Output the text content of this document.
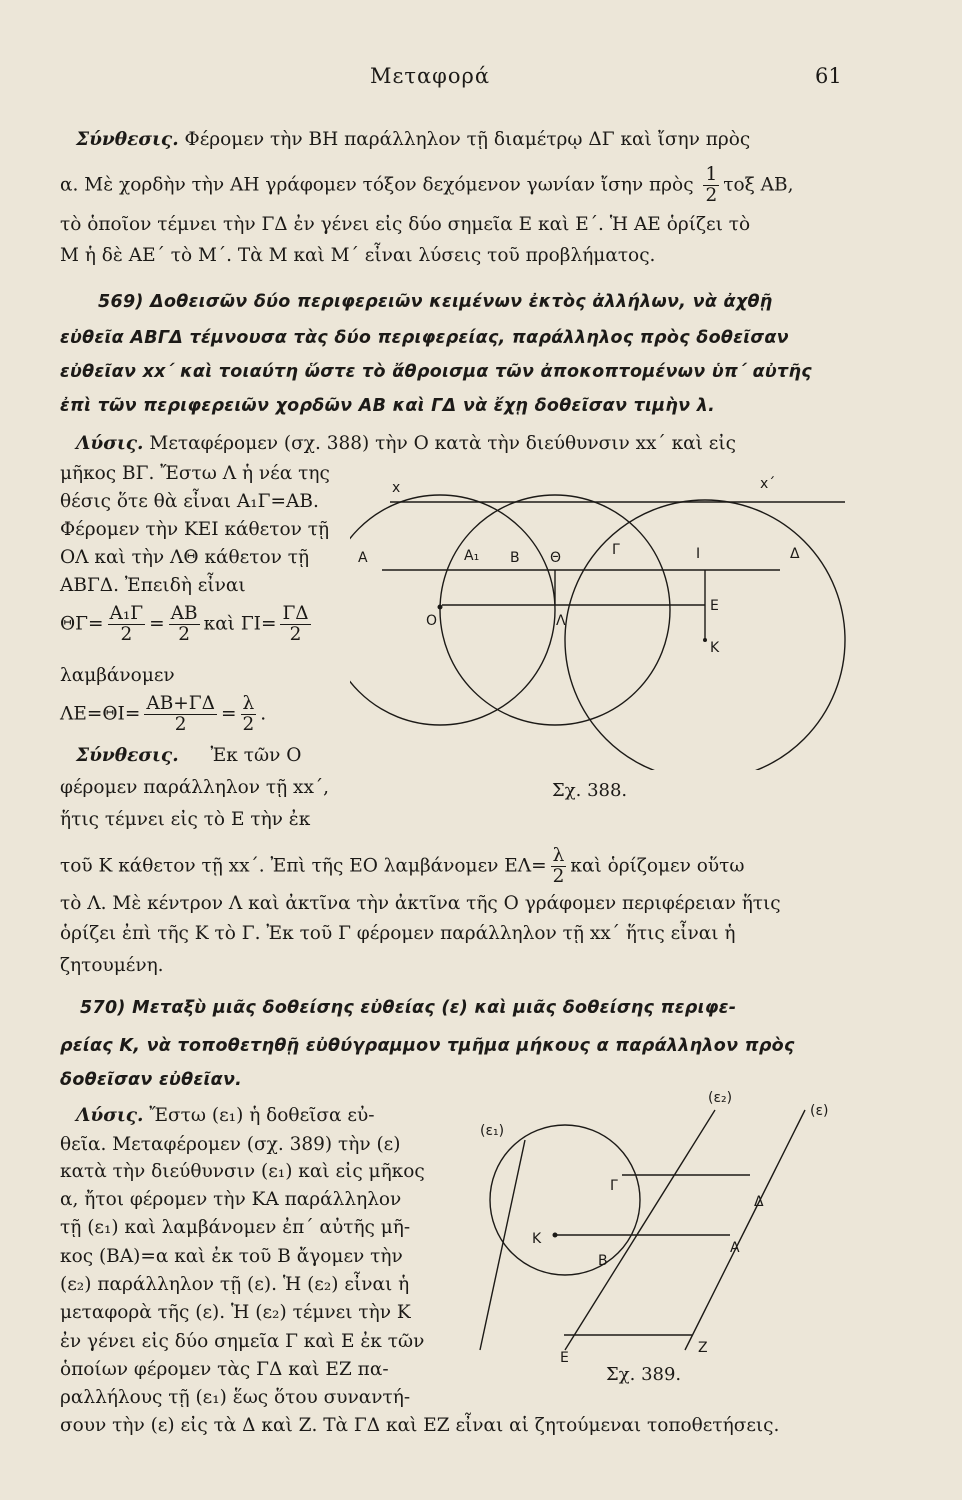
Μεταφορά	61
Σύνθεσις. Φέρομεν τὴν ΒΗ παράλληλον τῇ διαμέτρῳ ΔΓ καὶ ἴσην πρὸς
α. Μὲ χορδὴν τὴν ΑΗ γράφομεν τόξον δεχόμενον γωνίαν ἴσην πρὸς $\frac{1}{2}$ τοξ ΑΒ,
τὸ ὁποῖον τέμνει τὴν ΓΔ ἐν γένει εἰς δύο σημεῖα Ε καὶ Ε΄. Ἡ ΑΕ ὁρίζει τὸ
Μ ἡ δὲ ΑΕ΄ τὸ Μ΄. Τὰ Μ καὶ Μ΄ εἶναι λύσεις τοῦ προβλήματος.
569) Δοθεισῶν δύο περιφερειῶν κειμένων ἐκτὸς ἀλλήλων, νὰ ἀχθῇ
εὐθεῖα ΑΒΓΔ τέμνουσα τὰς δύο περιφερείας, παράλληλος πρὸς δοθεῖσαν
εὐθεῖαν xx΄ καὶ τοιαύτη ὥστε τὸ ἄθροισμα τῶν ἀποκοπτομένων ὑπ΄ αὐτῆς
ἐπὶ τῶν περιφερειῶν χορδῶν ΑΒ καὶ ΓΔ νὰ ἔχῃ δοθεῖσαν τιμὴν λ.
Λύσις. Μεταφέρομεν (σχ. 388) τὴν Ο κατὰ τὴν διεύθυνσιν xx΄ καὶ εἰς
μῆκος ΒΓ. Ἔστω Λ ἡ νέα της
θέσις ὅτε θὰ εἶναι Α₁Γ=ΑΒ.
Φέρομεν τὴν ΚΕΙ κάθετον τῇ
ΟΛ καὶ τὴν ΛΘ κάθετον τῇ
ΑΒΓΔ. Ἐπειδὴ εἶναι
$\Theta\Gamma= \frac{\text{Α₁Γ}}{2} = \frac{AB}{2}$ καὶ $\Gamma I= \frac{\Gamma\Delta}{2}$
λαμβάνομεν
$\Lambda E=\Theta I= \frac{AB+\Gamma\Delta}{2} = \frac{\lambda}{2}$ .
Σύνθεσις. Ἐκ τῶν Ο
φέρομεν παράλληλον τῇ xx΄,
ἥτις τέμνει εἰς τὸ Ε τὴν ἐκ
τοῦ Κ κάθετον τῇ xx΄. Ἐπὶ τῆς ΕΟ λαμβάνομεν $E\Lambda= \frac{\lambda}{2}$ καὶ ὁρίζομεν οὕτω
τὸ Λ. Μὲ κέντρον Λ καὶ ἀκτῖνα τὴν ἀκτῖνα τῆς Ο γράφομεν περιφέρειαν ἥτις
ὁρίζει ἐπὶ τῆς Κ τὸ Γ. Ἐκ τοῦ Γ φέρομεν παράλληλον τῇ xx΄ ἥτις εἶναι ἡ
ζητουμένη.
x	x΄
Α	Α₁ Β Θ	Γ	Ι	Δ
Ο	Λ
Ε
Κ
Σχ. 388.
570) Μεταξὺ μιᾶς δοθείσης εὐθείας (ε) καὶ μιᾶς δοθείσης περιφε-
ρείας Κ, νὰ τοποθετηθῇ εὐθύγραμμον τμῆμα μήκους α παράλληλον πρὸς
δοθεῖσαν εὐθεῖαν.
Λύσις. Ἔστω (ε₁) ἡ δοθεῖσα εὐ-
θεῖα. Μεταφέρομεν (σχ. 389) τὴν (ε)
κατὰ τὴν διεύθυνσιν (ε₁) καὶ εἰς μῆκος
α, ἤτοι φέρομεν τὴν ΚΑ παράλληλον
τῇ (ε₁) καὶ λαμβάνομεν ἐπ΄ αὐτῆς μῆ-
κος (ΒΑ)=α καὶ ἐκ τοῦ Β ἄγομεν τὴν
(ε₂) παράλληλον τῇ (ε). Ἡ (ε₂) εἶναι ἡ
μεταφορὰ τῆς (ε). Ἡ (ε₂) τέμνει τὴν Κ
ἐν γένει εἰς δύο σημεῖα Γ καὶ Ε ἐκ τῶν
ὁποίων φέρομεν τὰς ΓΔ καὶ ΕΖ πα-
ραλλήλους τῇ (ε₁) ἕως ὅτου συναντή-
σουν τὴν (ε) εἰς τὰ Δ καὶ Ζ. Τὰ ΓΔ καὶ ΕΖ εἶναι αἱ ζητούμεναι τοποθετήσεις.
(ε₂)
(ε)
(ε₁)
Γ
Δ
Κ
Β
Α
Ε
Ζ
Σχ. 389.
